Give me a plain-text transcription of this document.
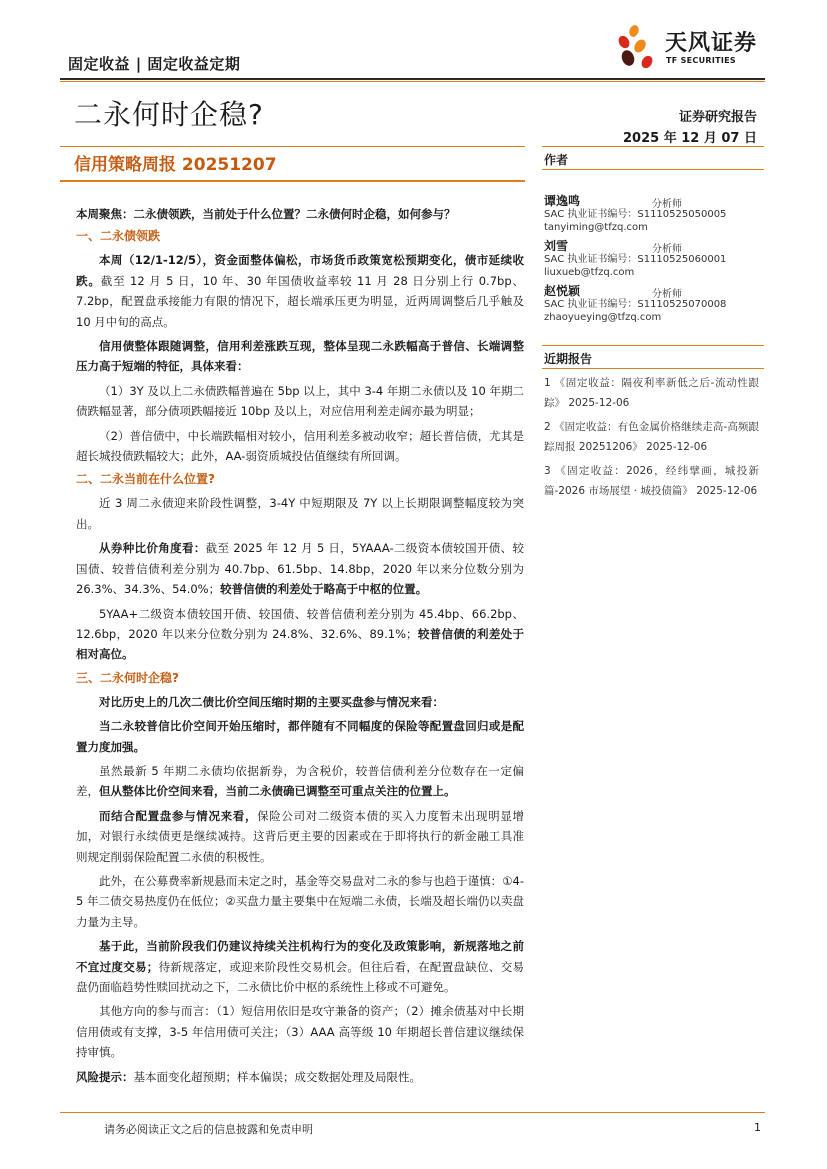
固定收益 | 固定收益定期
天风证券
TF SECURITIES
二永何时企稳?	证券研究报告
2025 年 12 月 07 日
信用策略周报 20251207	作者
谭逸鸣	分析师
SAC 执业证书编号：S1110525050005
tanyiming@tfzq.com
刘雪	分析师
SAC 执业证书编号：S1110525060001
liuxueb@tfzq.com
赵悦颖	分析师
SAC 执业证书编号：S1110525070008
zhaoyueying@tfzq.com
近期报告
1 《固定收益：隔夜利率新低之后-流动性跟踪》 2025-12-06
2 《固定收益：有色金属价格继续走高-高频跟踪周报 20251206》 2025-12-06
3 《固定收益：2026，经纬擘画，城投新篇-2026 市场展望 · 城投债篇》 2025-12-06

本周聚焦：二永债领跌，当前处于什么位置？二永债何时企稳，如何参与？

一、二永债领跌

本周（12/1-12/5），资金面整体偏松，市场货币政策宽松预期变化，债市延续收跌。截至 12 月 5 日，10 年、30 年国债收益率较 11 月 28 日分别上行 0.7bp、7.2bp，配置盘承接能力有限的情况下，超长端承压更为明显，近两周调整后几乎触及 10 月中旬的高点。

信用债整体跟随调整，信用利差涨跌互现，整体呈现二永跌幅高于普信、长端调整压力高于短端的特征，具体来看：

（1）3Y 及以上二永债跌幅普遍在 5bp 以上，其中 3-4 年期二永债以及 10 年期二债跌幅显著，部分债项跌幅接近 10bp 及以上，对应信用利差走阔亦最为明显；

（2）普信债中，中长端跌幅相对较小，信用利差多被动收窄；超长普信债，尤其是超长城投债跌幅较大；此外，AA-弱资质城投估值继续有所回调。

二、二永当前在什么位置?

近 3 周二永债迎来阶段性调整，3-4Y 中短期限及 7Y 以上长期限调整幅度较为突出。

从券种比价角度看：截至 2025 年 12 月 5 日，5YAAA-二级资本债较国开债、较国债、较普信债利差分别为 40.7bp、61.5bp、14.8bp，2020 年以来分位数分别为 26.3%、34.3%、54.0%；较普信债的利差处于略高于中枢的位置。

5YAA+二级资本债较国开债、较国债、较普信债利差分别为 45.4bp、66.2bp、12.6bp，2020 年以来分位数分别为 24.8%、32.6%、89.1%；较普信债的利差处于相对高位。

三、二永何时企稳?

对比历史上的几次二债比价空间压缩时期的主要买盘参与情况来看：

当二永较普信比价空间开始压缩时，都伴随有不同幅度的保险等配置盘回归或是配置力度加强。

虽然最新 5 年期二永债均依据新券，为含税价，较普信债利差分位数存在一定偏差，但从整体比价空间来看，当前二永债确已调整至可重点关注的位置上。

而结合配置盘参与情况来看，保险公司对二级资本债的买入力度暂未出现明显增加，对银行永续债更是继续减持。这背后更主要的因素或在于即将执行的新金融工具准则规定削弱保险配置二永债的积极性。

此外，在公募费率新规悬而未定之时，基金等交易盘对二永的参与也趋于谨慎：①4-5 年二债交易热度仍在低位；②买盘力量主要集中在短端二永债，长端及超长端仍以卖盘力量为主导。

基于此，当前阶段我们仍建议持续关注机构行为的变化及政策影响，新规落地之前不宜过度交易；待新规落定，或迎来阶段性交易机会。但往后看，在配置盘缺位、交易盘仍面临趋势性赎回扰动之下，二永债比价中枢的系统性上移或不可避免。

其他方向的参与而言：（1）短信用依旧是攻守兼备的资产；（2）摊余债基对中长期信用债或有支撑，3-5 年信用债可关注；（3）AAA 高等级 10 年期超长普信建议继续保持审慎。

风险提示：基本面变化超预期；样本偏误；成交数据处理及局限性。

请务必阅读正文之后的信息披露和免责申明	1
